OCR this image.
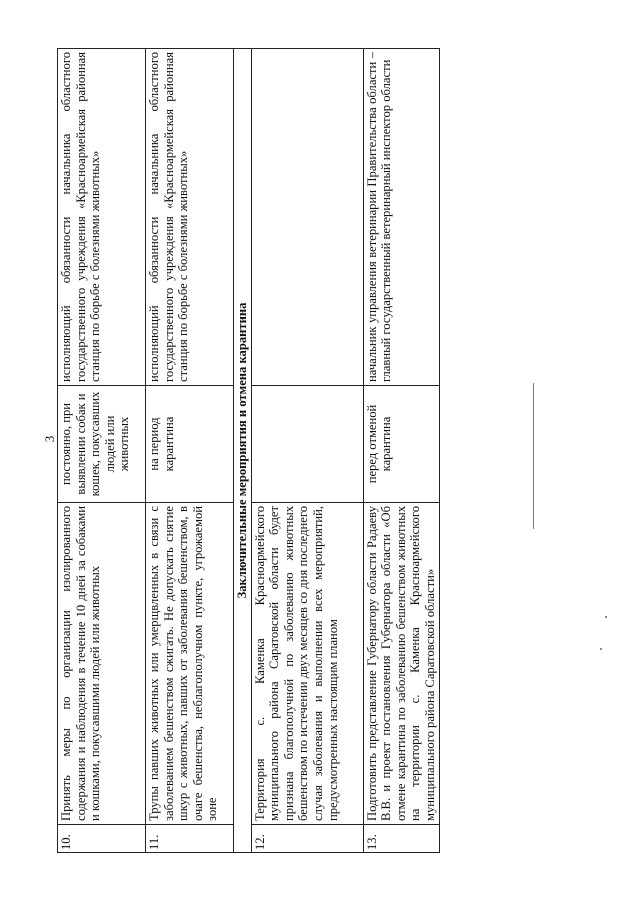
3
10.	Принять меры по организации изолированного содержания и наблюдения в течение 10 дней за собаками и кошками, покусавшими людей или животных	постоянно, при выявлении собак и кошек, покусавших людей или животных	исполняющий обязанности начальника областного государственного учреждения «Красноармейская районная станция по борьбе с болезнями животных»
11.	Трупы павших животных или умерщвленных в связи с заболеванием бешенством сжигать. Не допускать снятие шкур с животных, павших от заболевания бешенством, в очаге бешенства, неблагополучном пункте, угрожаемой зоне	на период карантина	исполняющий обязанности начальника областного государственного учреждения «Красноармейская районная станция по борьбе с болезнями животных»
Заключительные мероприятия и отмена карантина			
12.	Территория с. Каменка Красноармейского муниципального района Саратовской области будет признана благополучной по заболеванию животных бешенством по истечении двух месяцев со дня последнего случая заболевания и выполнении всех мероприятий, предусмотренных настоящим планом		
13.	Подготовить представление Губернатору области Радаеву В.В. и проект постановления Губернатора области «Об отмене карантина по заболеванию бешенством животных на территории с. Каменка Красноармейского муниципального района Саратовской области»	перед отменой карантина	начальник управления ветеринарии Правительства области – главный государственный ветеринарный инспектор области
